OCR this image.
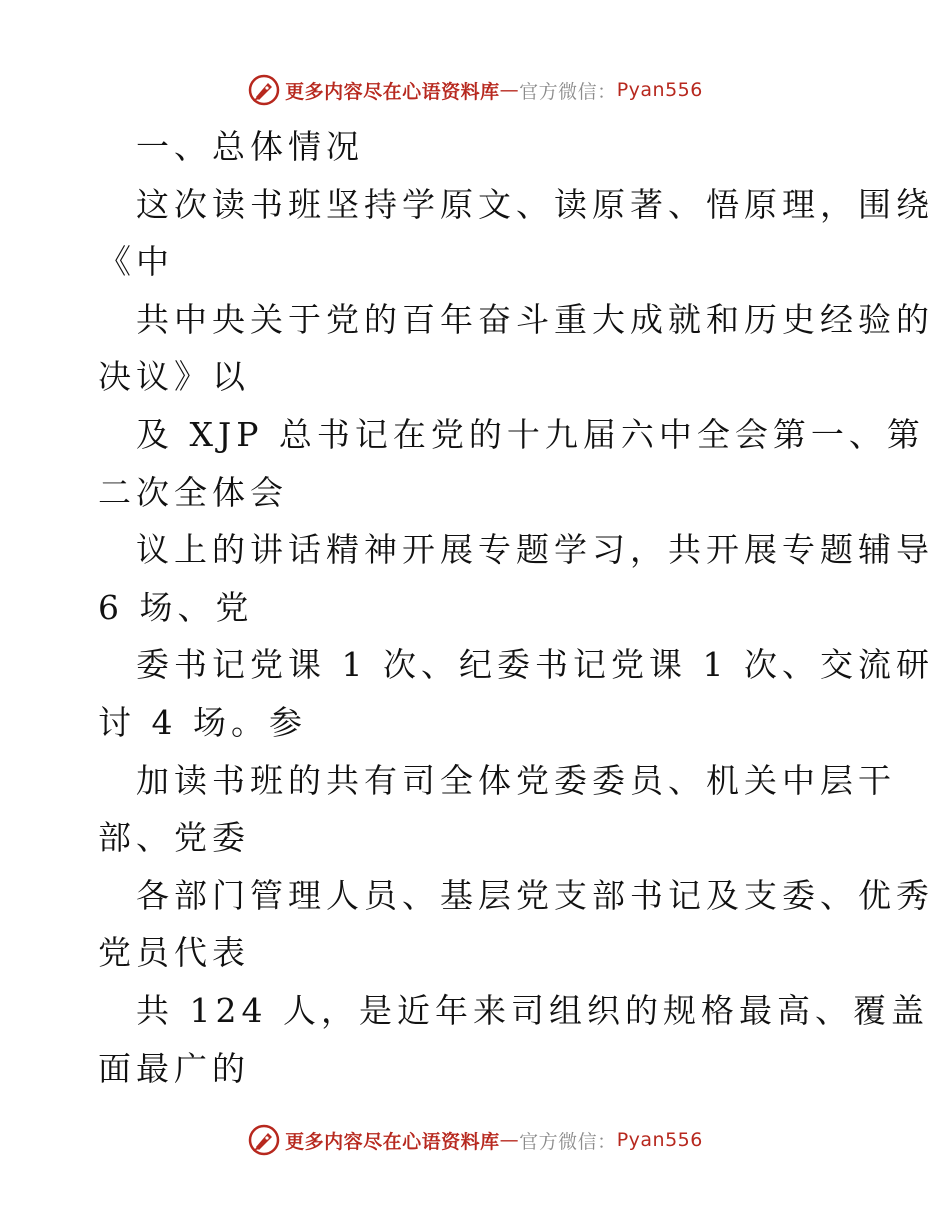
更多内容尽在心语资料库 — 官方微信： Pyan556
一、总体情况
这次读书班坚持学原文、读原著、悟原理，围绕
《中
共中央关于党的百年奋斗重大成就和历史经验的
决议》以
及 XJP 总书记在党的十九届六中全会第一、第
二次全体会
议上的讲话精神开展专题学习，共开展专题辅导
6 场、党
委书记党课 1 次、纪委书记党课 1 次、交流研
讨 4 场。参
加读书班的共有司全体党委委员、机关中层干
部、党委
各部门管理人员、基层党支部书记及支委、优秀
党员代表
共 124 人，是近年来司组织的规格最高、覆盖
面最广的
更多内容尽在心语资料库 — 官方微信： Pyan556
